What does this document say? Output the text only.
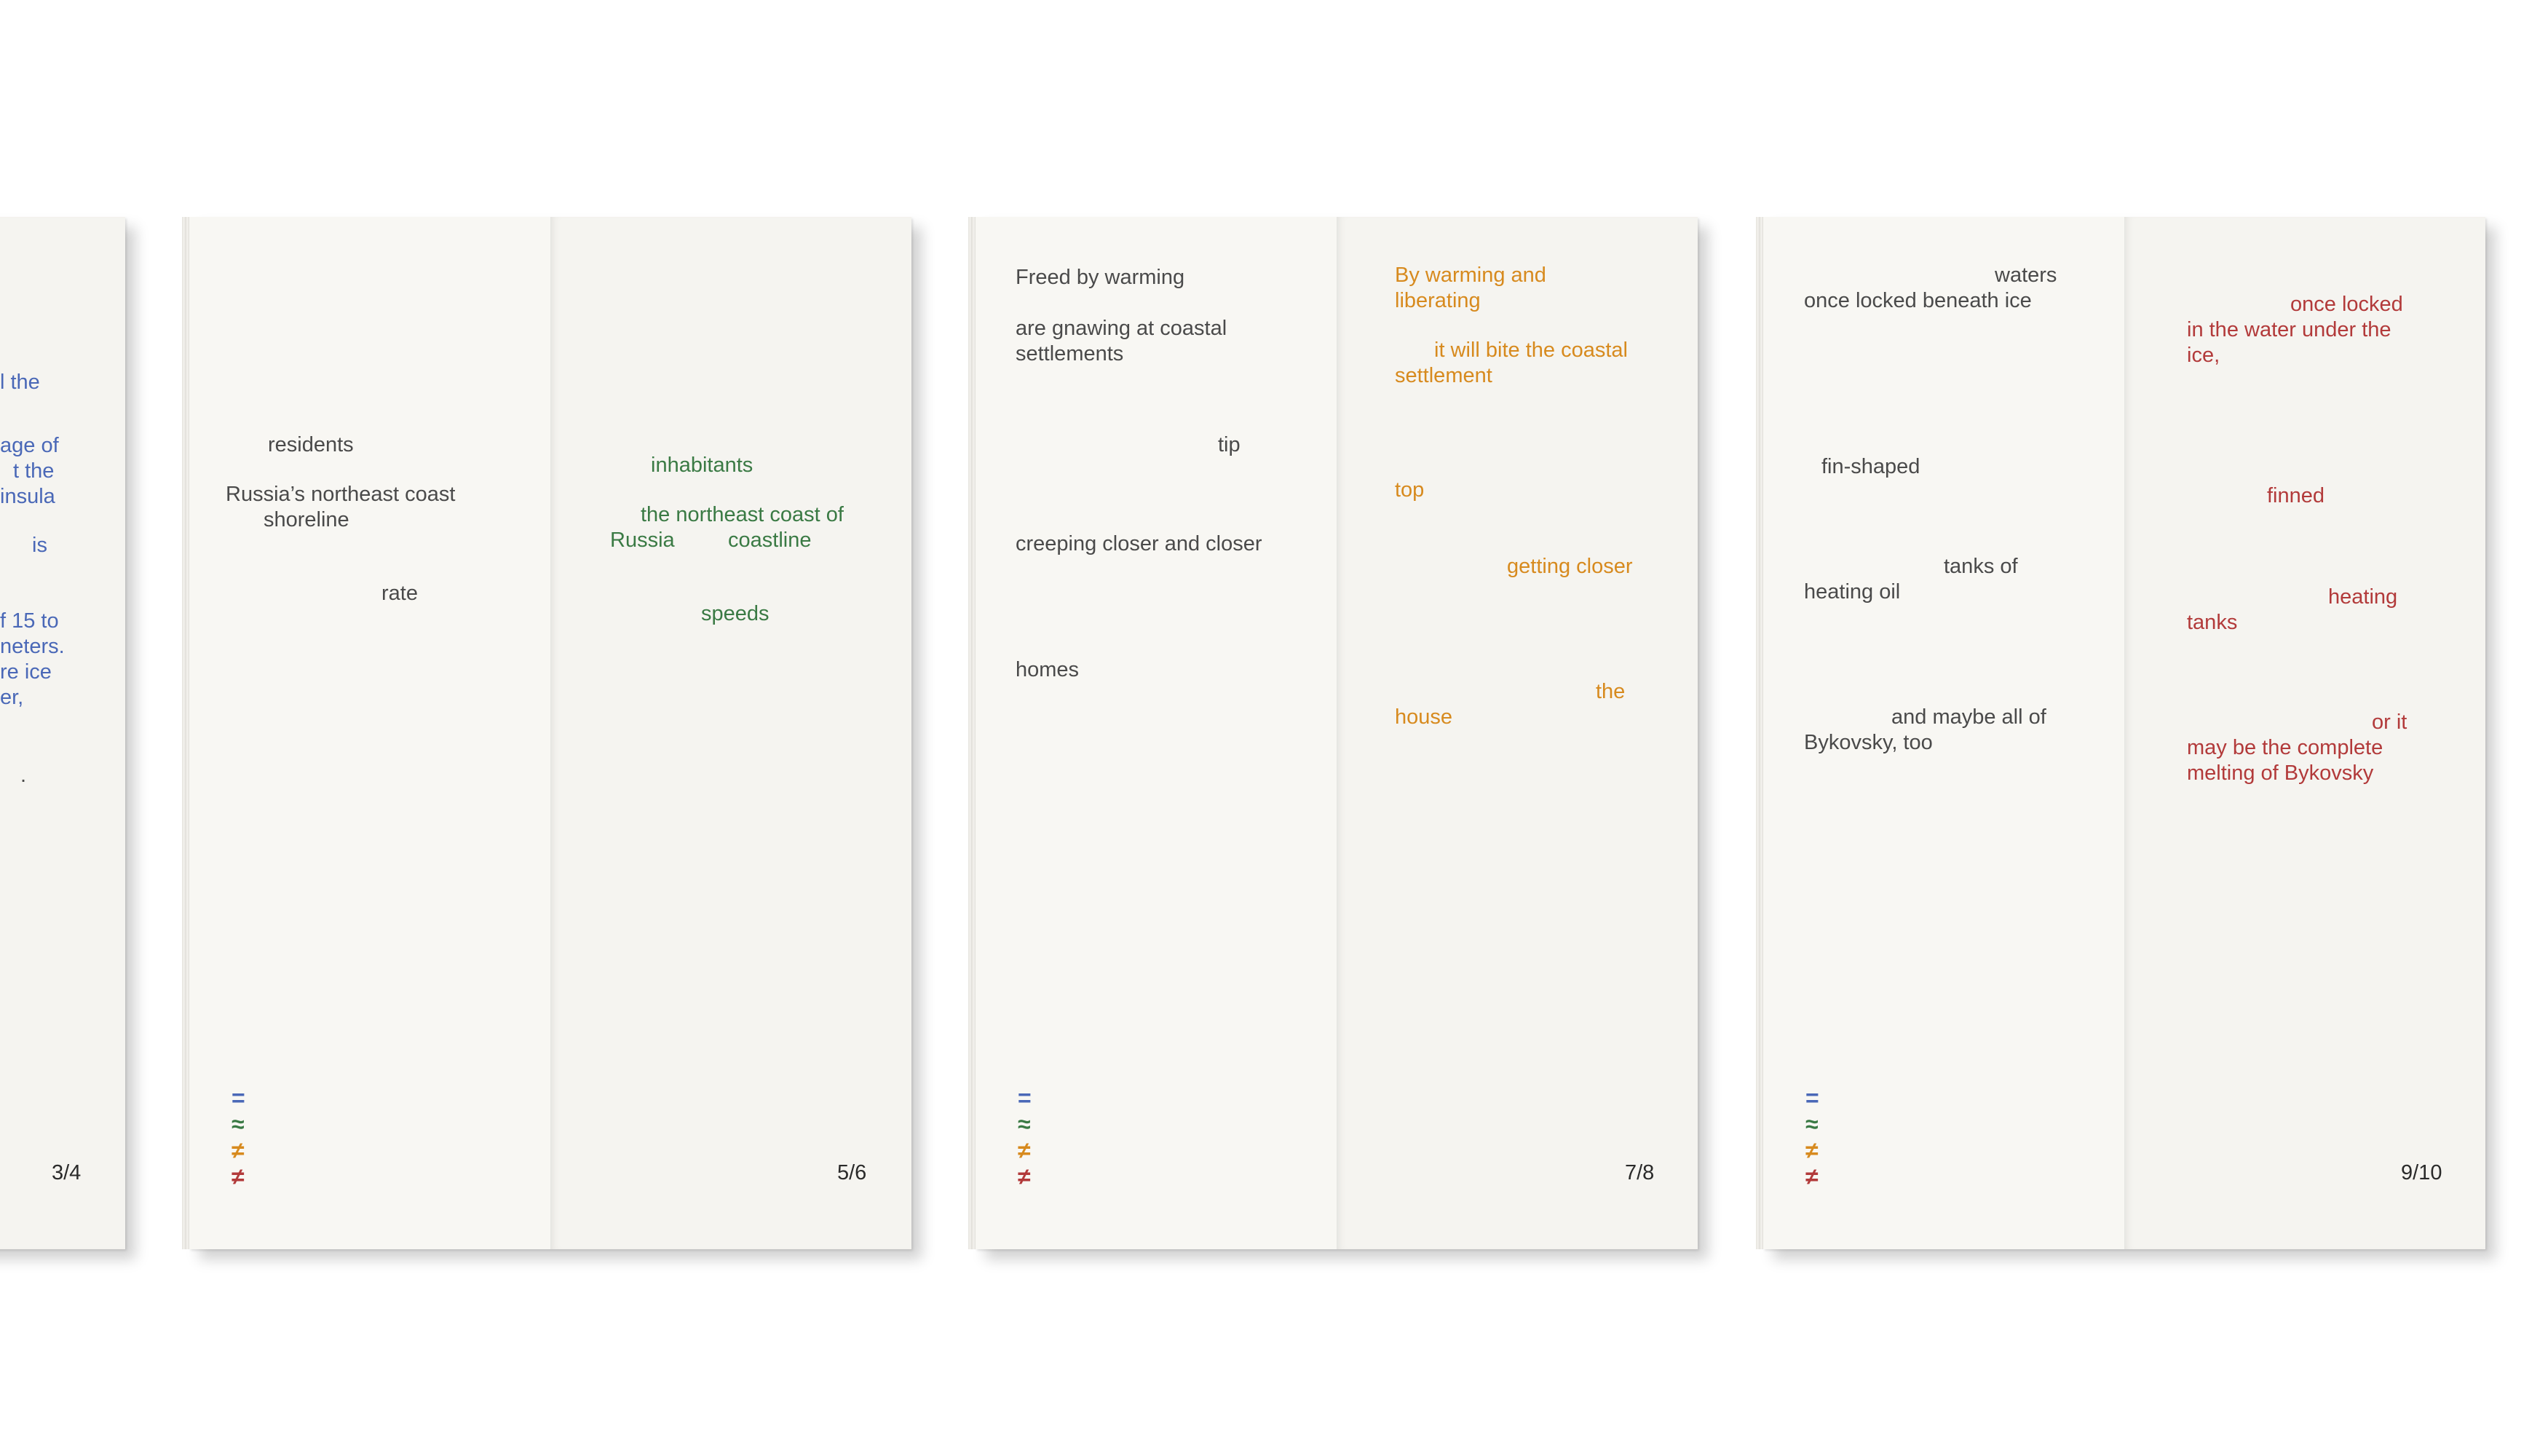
l the
age of
t the
insula
is
f 15 to
neters.
re ice
er,
.
3/4
residents
Russia’s northeast coast
shoreline
rate
=
≈
≠
≠
inhabitants
the northeast coast of
Russia	coastline
speeds
5/6
Freed by warming
are gnawing at coastal
settlements
tip
creeping closer and closer
homes
=
≈
≠
≠
By warming and
liberating
it will bite the coastal
settlement
top
getting closer
the
house
7/8
waters
once locked beneath ice
fin-shaped
tanks of
heating oil
and maybe all of
Bykovsky, too
=
≈
≠
≠
once locked
in the water under the
ice,
finned
heating
tanks
or it
may be the complete
melting of Bykovsky
9/10
